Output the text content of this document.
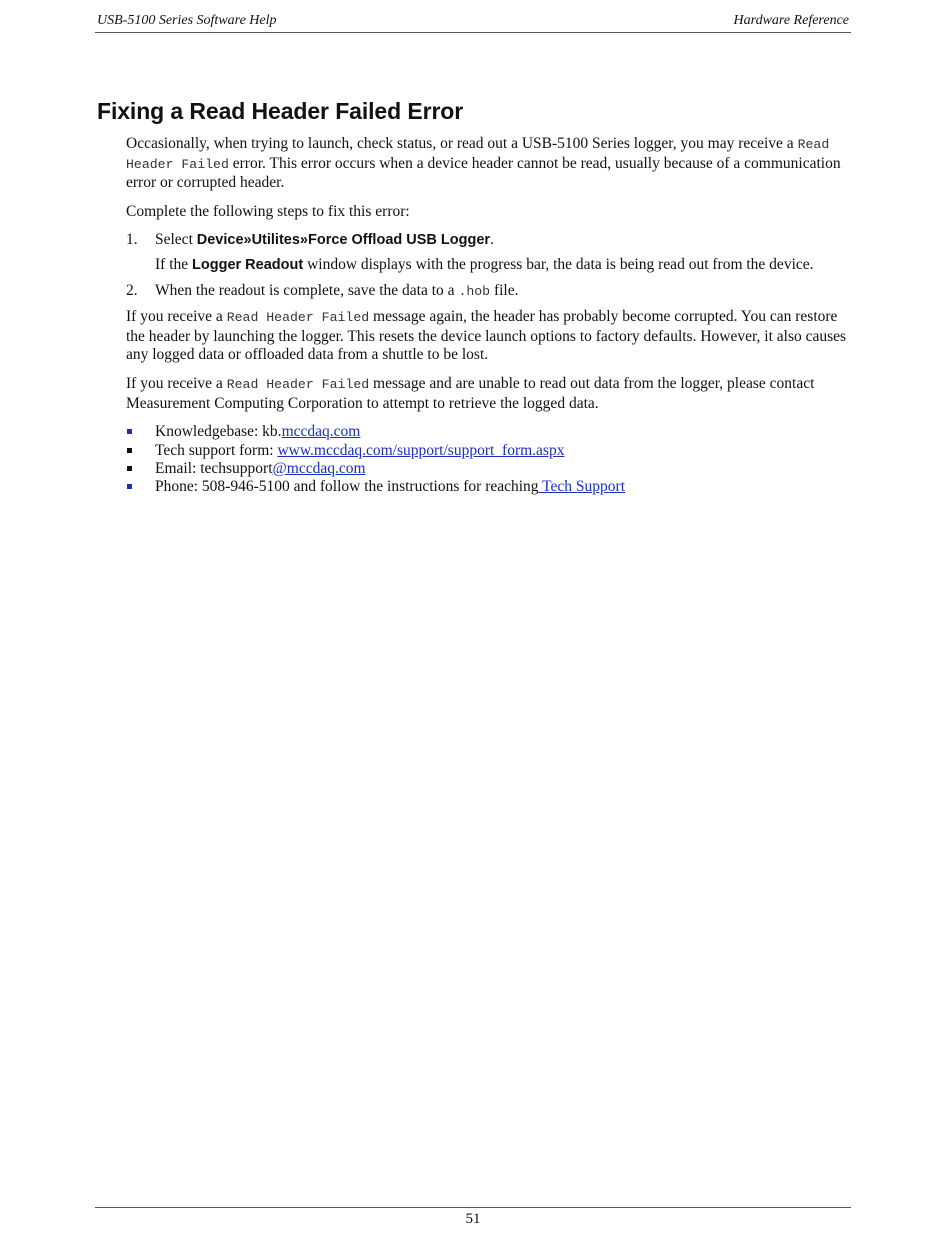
USB-5100 Series Software Help	Hardware Reference
Fixing a Read Header Failed Error

Occasionally, when trying to launch, check status, or read out a USB-5100 Series logger, you may receive a Read Header Failed error. This error occurs when a device header cannot be read, usually because of a communication error or corrupted header.

Complete the following steps to fix this error:

1. Select Device»Utilites»Force Offload USB Logger.
If the Logger Readout window displays with the progress bar, the data is being read out from the device.
2. When the readout is complete, save the data to a .hob file.

If you receive a Read Header Failed message again, the header has probably become corrupted. You can restore the header by launching the logger. This resets the device launch options to factory defaults. However, it also causes any logged data or offloaded data from a shuttle to be lost.

If you receive a Read Header Failed message and are unable to read out data from the logger, please contact Measurement Computing Corporation to attempt to retrieve the logged data.

Knowledgebase: kb.mccdaq.com
Tech support form: www.mccdaq.com/support/support_form.aspx
Email: techsupport@mccdaq.com
Phone: 508-946-5100 and follow the instructions for reaching Tech Support
51
